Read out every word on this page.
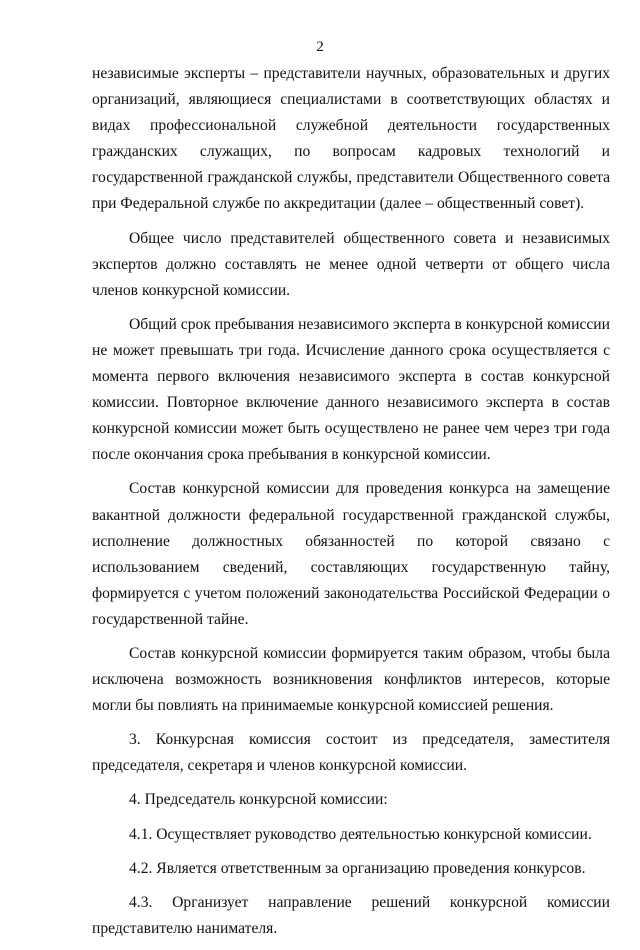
2

независимые эксперты – представители научных, образовательных и других организаций, являющиеся специалистами в соответствующих областях и видах профессиональной служебной деятельности государственных гражданских служащих, по вопросам кадровых технологий и государственной гражданской службы, представители Общественного совета при Федеральной службе по аккредитации (далее – общественный совет).

Общее число представителей общественного совета и независимых экспертов должно составлять не менее одной четверти от общего числа членов конкурсной комиссии.

Общий срок пребывания независимого эксперта в конкурсной комиссии не может превышать три года. Исчисление данного срока осуществляется с момента первого включения независимого эксперта в состав конкурсной комиссии. Повторное включение данного независимого эксперта в состав конкурсной комиссии может быть осуществлено не ранее чем через три года после окончания срока пребывания в конкурсной комиссии.

Состав конкурсной комиссии для проведения конкурса на замещение вакантной должности федеральной государственной гражданской службы, исполнение должностных обязанностей по которой связано с использованием сведений, составляющих государственную тайну, формируется с учетом положений законодательства Российской Федерации о государственной тайне.

Состав конкурсной комиссии формируется таким образом, чтобы была исключена возможность возникновения конфликтов интересов, которые могли бы повлиять на принимаемые конкурсной комиссией решения.

3. Конкурсная комиссия состоит из председателя, заместителя председателя, секретаря и членов конкурсной комиссии.

4. Председатель конкурсной комиссии:

4.1. Осуществляет руководство деятельностью конкурсной комиссии.

4.2. Является ответственным за организацию проведения конкурсов.

4.3. Организует направление решений конкурсной комиссии представителю нанимателя.
